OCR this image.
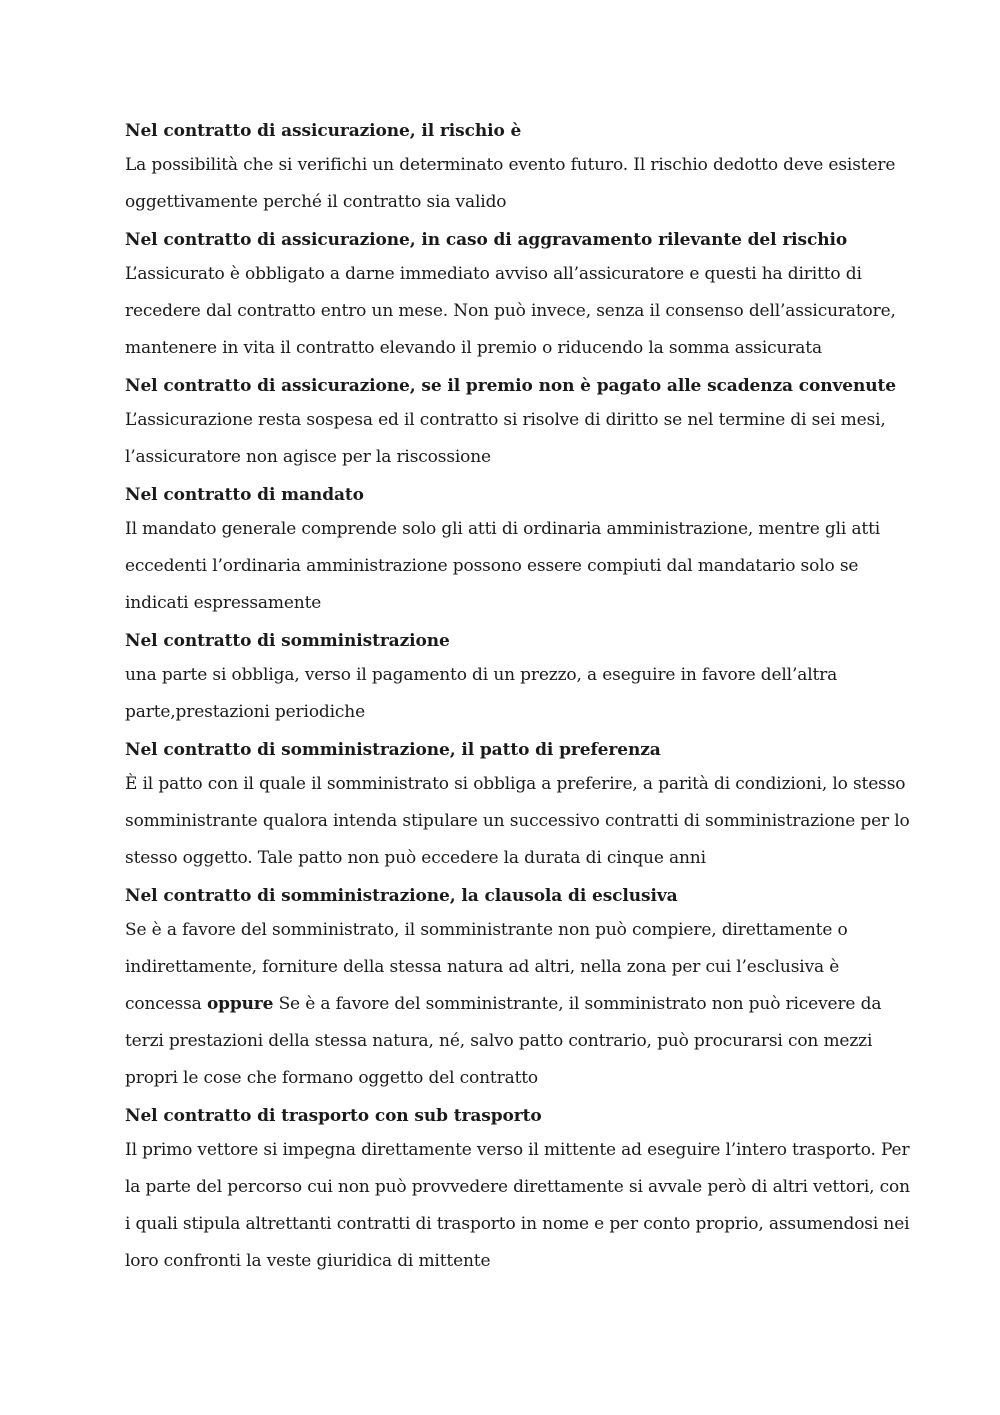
Nel contratto di assicurazione, il rischio è

La possibilità che si verifichi un determinato evento futuro. Il rischio dedotto deve esistere oggettivamente perché il contratto sia valido

Nel contratto di assicurazione, in caso di aggravamento rilevante del rischio

L’assicurato è obbligato a darne immediato avviso all’assicuratore e questi ha diritto di recedere dal contratto entro un mese. Non può invece, senza il consenso dell’assicuratore, mantenere in vita il contratto elevando il premio o riducendo la somma assicurata

Nel contratto di assicurazione, se il premio non è pagato alle scadenza convenute

L’assicurazione resta sospesa ed il contratto si risolve di diritto se nel termine di sei mesi, l’assicuratore non agisce per la riscossione

Nel contratto di mandato

Il mandato generale comprende solo gli atti di ordinaria amministrazione, mentre gli atti eccedenti l’ordinaria amministrazione possono essere compiuti dal mandatario solo se indicati espressamente

Nel contratto di somministrazione

una parte si obbliga, verso il pagamento di un prezzo, a eseguire in favore dell’altra parte,prestazioni periodiche

Nel contratto di somministrazione, il patto di preferenza

È il patto con il quale il somministrato si obbliga a preferire, a parità di condizioni, lo stesso somministrante qualora intenda stipulare un successivo contratti di somministrazione per lo stesso oggetto. Tale patto non può eccedere la durata di cinque anni

Nel contratto di somministrazione, la clausola di esclusiva

Se è a favore del somministrato, il somministrante non può compiere, direttamente o indirettamente, forniture della stessa natura ad altri, nella zona per cui l’esclusiva è concessa oppure Se è a favore del somministrante, il somministrato non può ricevere da terzi prestazioni della stessa natura, né, salvo patto contrario, può procurarsi con mezzi propri le cose che formano oggetto del contratto

Nel contratto di trasporto con sub trasporto

Il primo vettore si impegna direttamente verso il mittente ad eseguire l’intero trasporto. Per la parte del percorso cui non può provvedere direttamente si avvale però di altri vettori, con i quali stipula altrettanti contratti di trasporto in nome e per conto proprio, assumendosi nei loro confronti la veste giuridica di mittente
